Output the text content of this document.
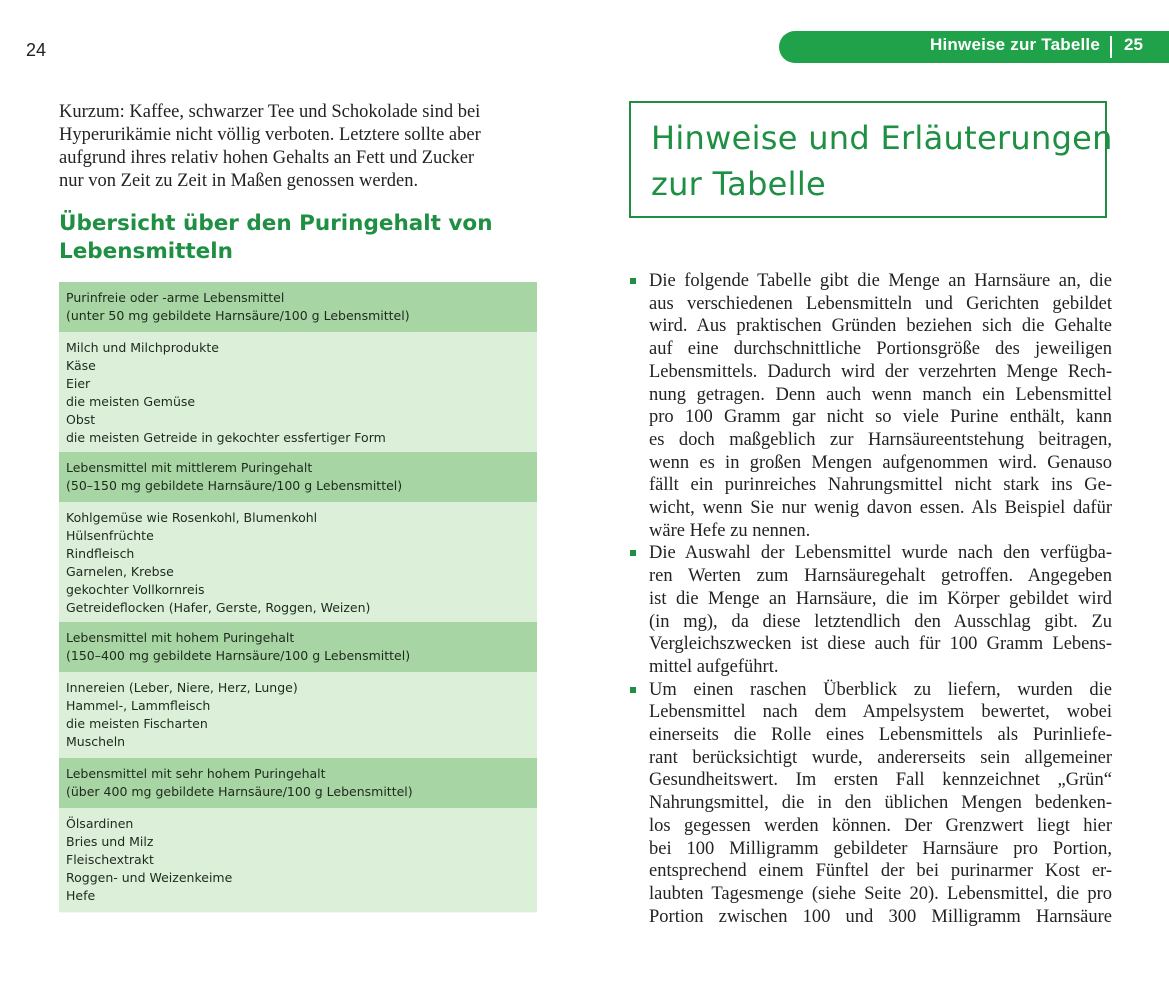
24
Kurzum: Kaffee, schwarzer Tee und Schokolade sind bei
Hyperurikämie nicht völlig verboten. Letztere sollte aber
aufgrund ihres relativ hohen Gehalts an Fett und Zucker
nur von Zeit zu Zeit in Maßen genossen werden.
Übersicht über den Puringehalt von
Lebensmitteln
Purinfreie oder -arme Lebensmittel
(unter 50 mg gebildete Harnsäure/100 g Lebensmittel)
Milch und Milchprodukte
Käse
Eier
die meisten Gemüse
Obst
die meisten Getreide in gekochter essfertiger Form
Lebensmittel mit mittlerem Puringehalt
(50–150 mg gebildete Harnsäure/100 g Lebensmittel)
Kohlgemüse wie Rosenkohl, Blumenkohl
Hülsenfrüchte
Rindfleisch
Garnelen, Krebse
gekochter Vollkornreis
Getreideflocken (Hafer, Gerste, Roggen, Weizen)
Lebensmittel mit hohem Puringehalt
(150–400 mg gebildete Harnsäure/100 g Lebensmittel)
Innereien (Leber, Niere, Herz, Lunge)
Hammel-, Lammfleisch
die meisten Fischarten
Muscheln
Lebensmittel mit sehr hohem Puringehalt
(über 400 mg gebildete Harnsäure/100 g Lebensmittel)
Ölsardinen
Bries und Milz
Fleischextrakt
Roggen- und Weizenkeime
Hefe
Hinweise zur Tabelle 25
Hinweise und Erläuterungen
zur Tabelle
Die folgende Tabelle gibt die Menge an Harnsäure an, die
aus verschiedenen Lebensmitteln und Gerichten gebildet
wird. Aus praktischen Gründen beziehen sich die Gehalte
auf eine durchschnittliche Portionsgröße des jeweiligen
Lebensmittels. Dadurch wird der verzehrten Menge Rech-
nung getragen. Denn auch wenn manch ein Lebensmittel
pro 100 Gramm gar nicht so viele Purine enthält, kann
es doch maßgeblich zur Harnsäureentstehung beitragen,
wenn es in großen Mengen aufgenommen wird. Genauso
fällt ein purinreiches Nahrungsmittel nicht stark ins Ge-
wicht, wenn Sie nur wenig davon essen. Als Beispiel dafür
wäre Hefe zu nennen.
Die Auswahl der Lebensmittel wurde nach den verfügba-
ren Werten zum Harnsäuregehalt getroffen. Angegeben
ist die Menge an Harnsäure, die im Körper gebildet wird
(in mg), da diese letztendlich den Ausschlag gibt. Zu
Vergleichszwecken ist diese auch für 100 Gramm Lebens-
mittel aufgeführt.
Um einen raschen Überblick zu liefern, wurden die
Lebensmittel nach dem Ampelsystem bewertet, wobei
einerseits die Rolle eines Lebensmittels als Purinliefe-
rant berücksichtigt wurde, andererseits sein allgemeiner
Gesundheitswert. Im ersten Fall kennzeichnet „Grün“
Nahrungsmittel, die in den üblichen Mengen bedenken-
los gegessen werden können. Der Grenzwert liegt hier
bei 100 Milligramm gebildeter Harnsäure pro Portion,
entsprechend einem Fünftel der bei purinarmer Kost er-
laubten Tagesmenge (siehe Seite 20). Lebensmittel, die pro
Portion zwischen 100 und 300 Milligramm Harnsäure
